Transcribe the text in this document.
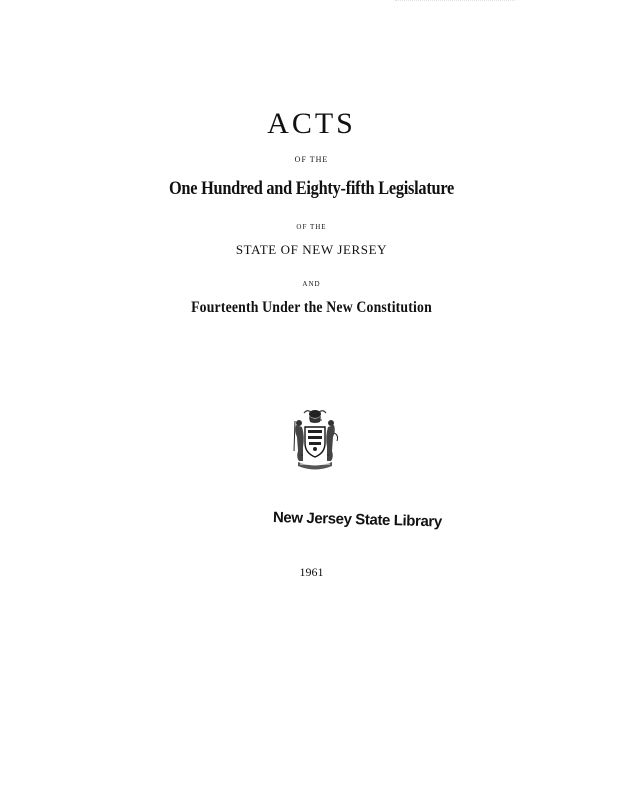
ACTS
OF THE
One Hundred and Eighty-fifth Legislature
OF THE
STATE OF NEW JERSEY
AND
Fourteenth Under the New Constitution
New Jersey State Library
1961
